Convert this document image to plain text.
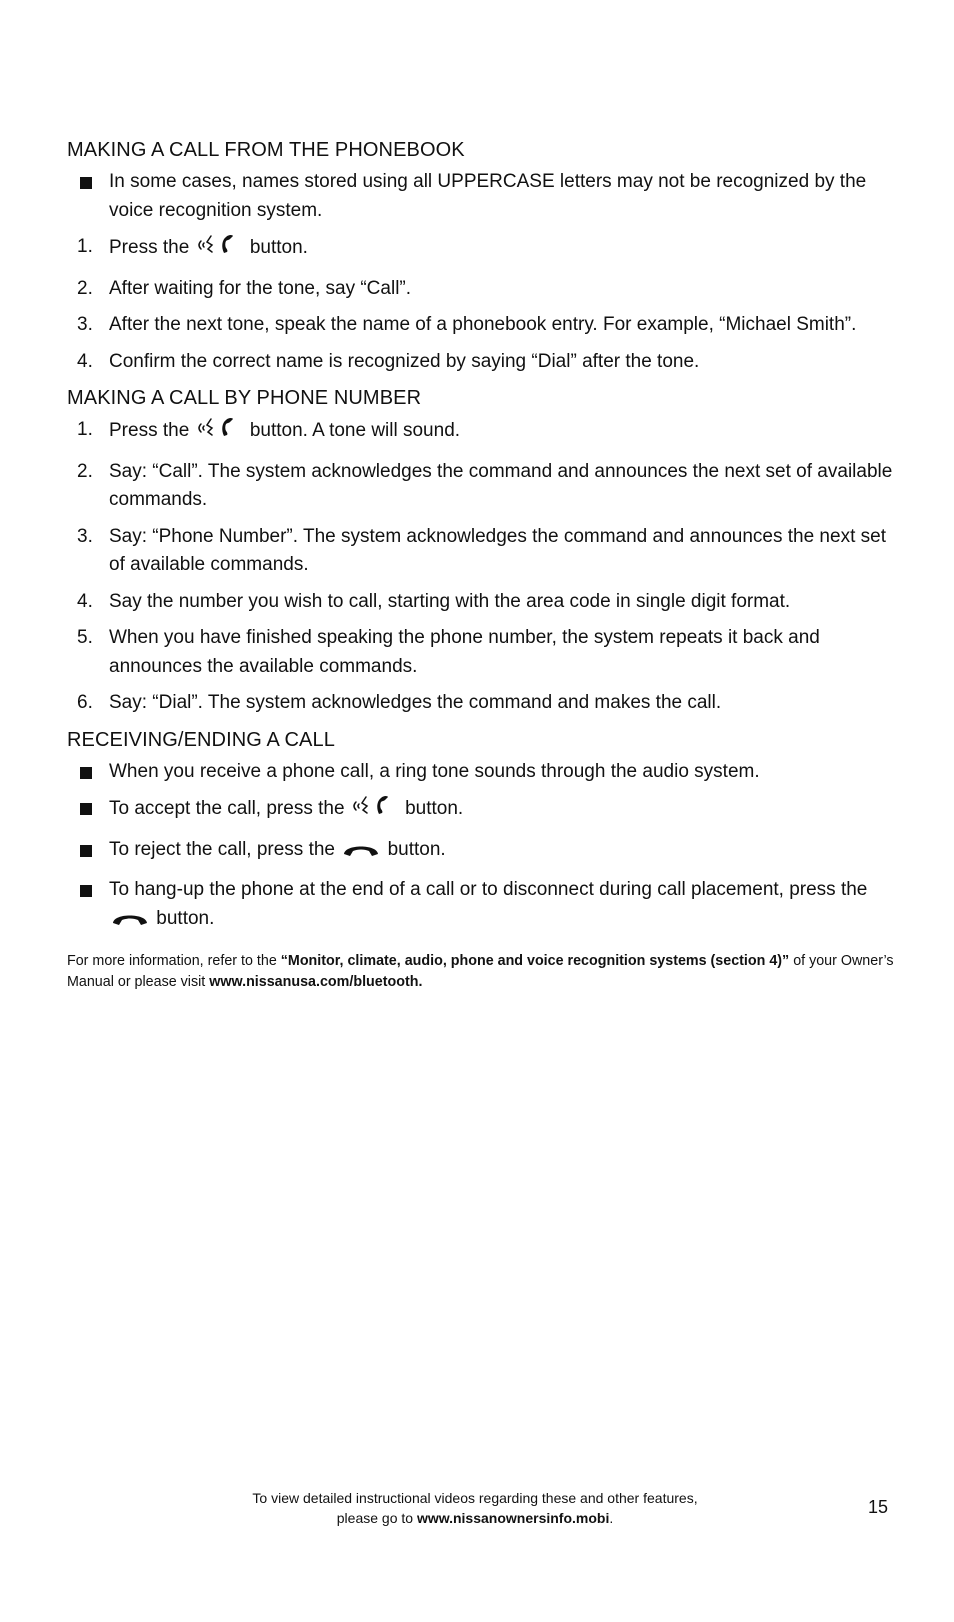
MAKING A CALL FROM THE PHONEBOOK
In some cases, names stored using all UPPERCASE letters may not be recognized by the voice recognition system.
1. Press the	button.
2. After waiting for the tone, say “Call”.
3. After the next tone, speak the name of a phonebook entry. For example, “Michael Smith”.
4. Confirm the correct name is recognized by saying “Dial” after the tone.
MAKING A CALL BY PHONE NUMBER
1. Press the	button. A tone will sound.
2. Say: “Call”. The system acknowledges the command and announces the next set of available commands.
3. Say: “Phone Number”. The system acknowledges the command and announces the next set of available commands.
4. Say the number you wish to call, starting with the area code in single digit format.
5. When you have finished speaking the phone number, the system repeats it back and announces the available commands.
6. Say: “Dial”. The system acknowledges the command and makes the call.
RECEIVING/ENDING A CALL
When you receive a phone call, a ring tone sounds through the audio system.
To accept the call, press the	button.
To reject the call, press the	button.
To hang-up the phone at the end of a call or to disconnect during call placement, press the  button.
For more information, refer to the “Monitor, climate, audio, phone and voice recognition systems (section 4)” of your Owner’s Manual or please visit www.nissanusa.com/bluetooth.
To view detailed instructional videos regarding these and other features,
please go to www.nissanownersinfo.mobi.
15
